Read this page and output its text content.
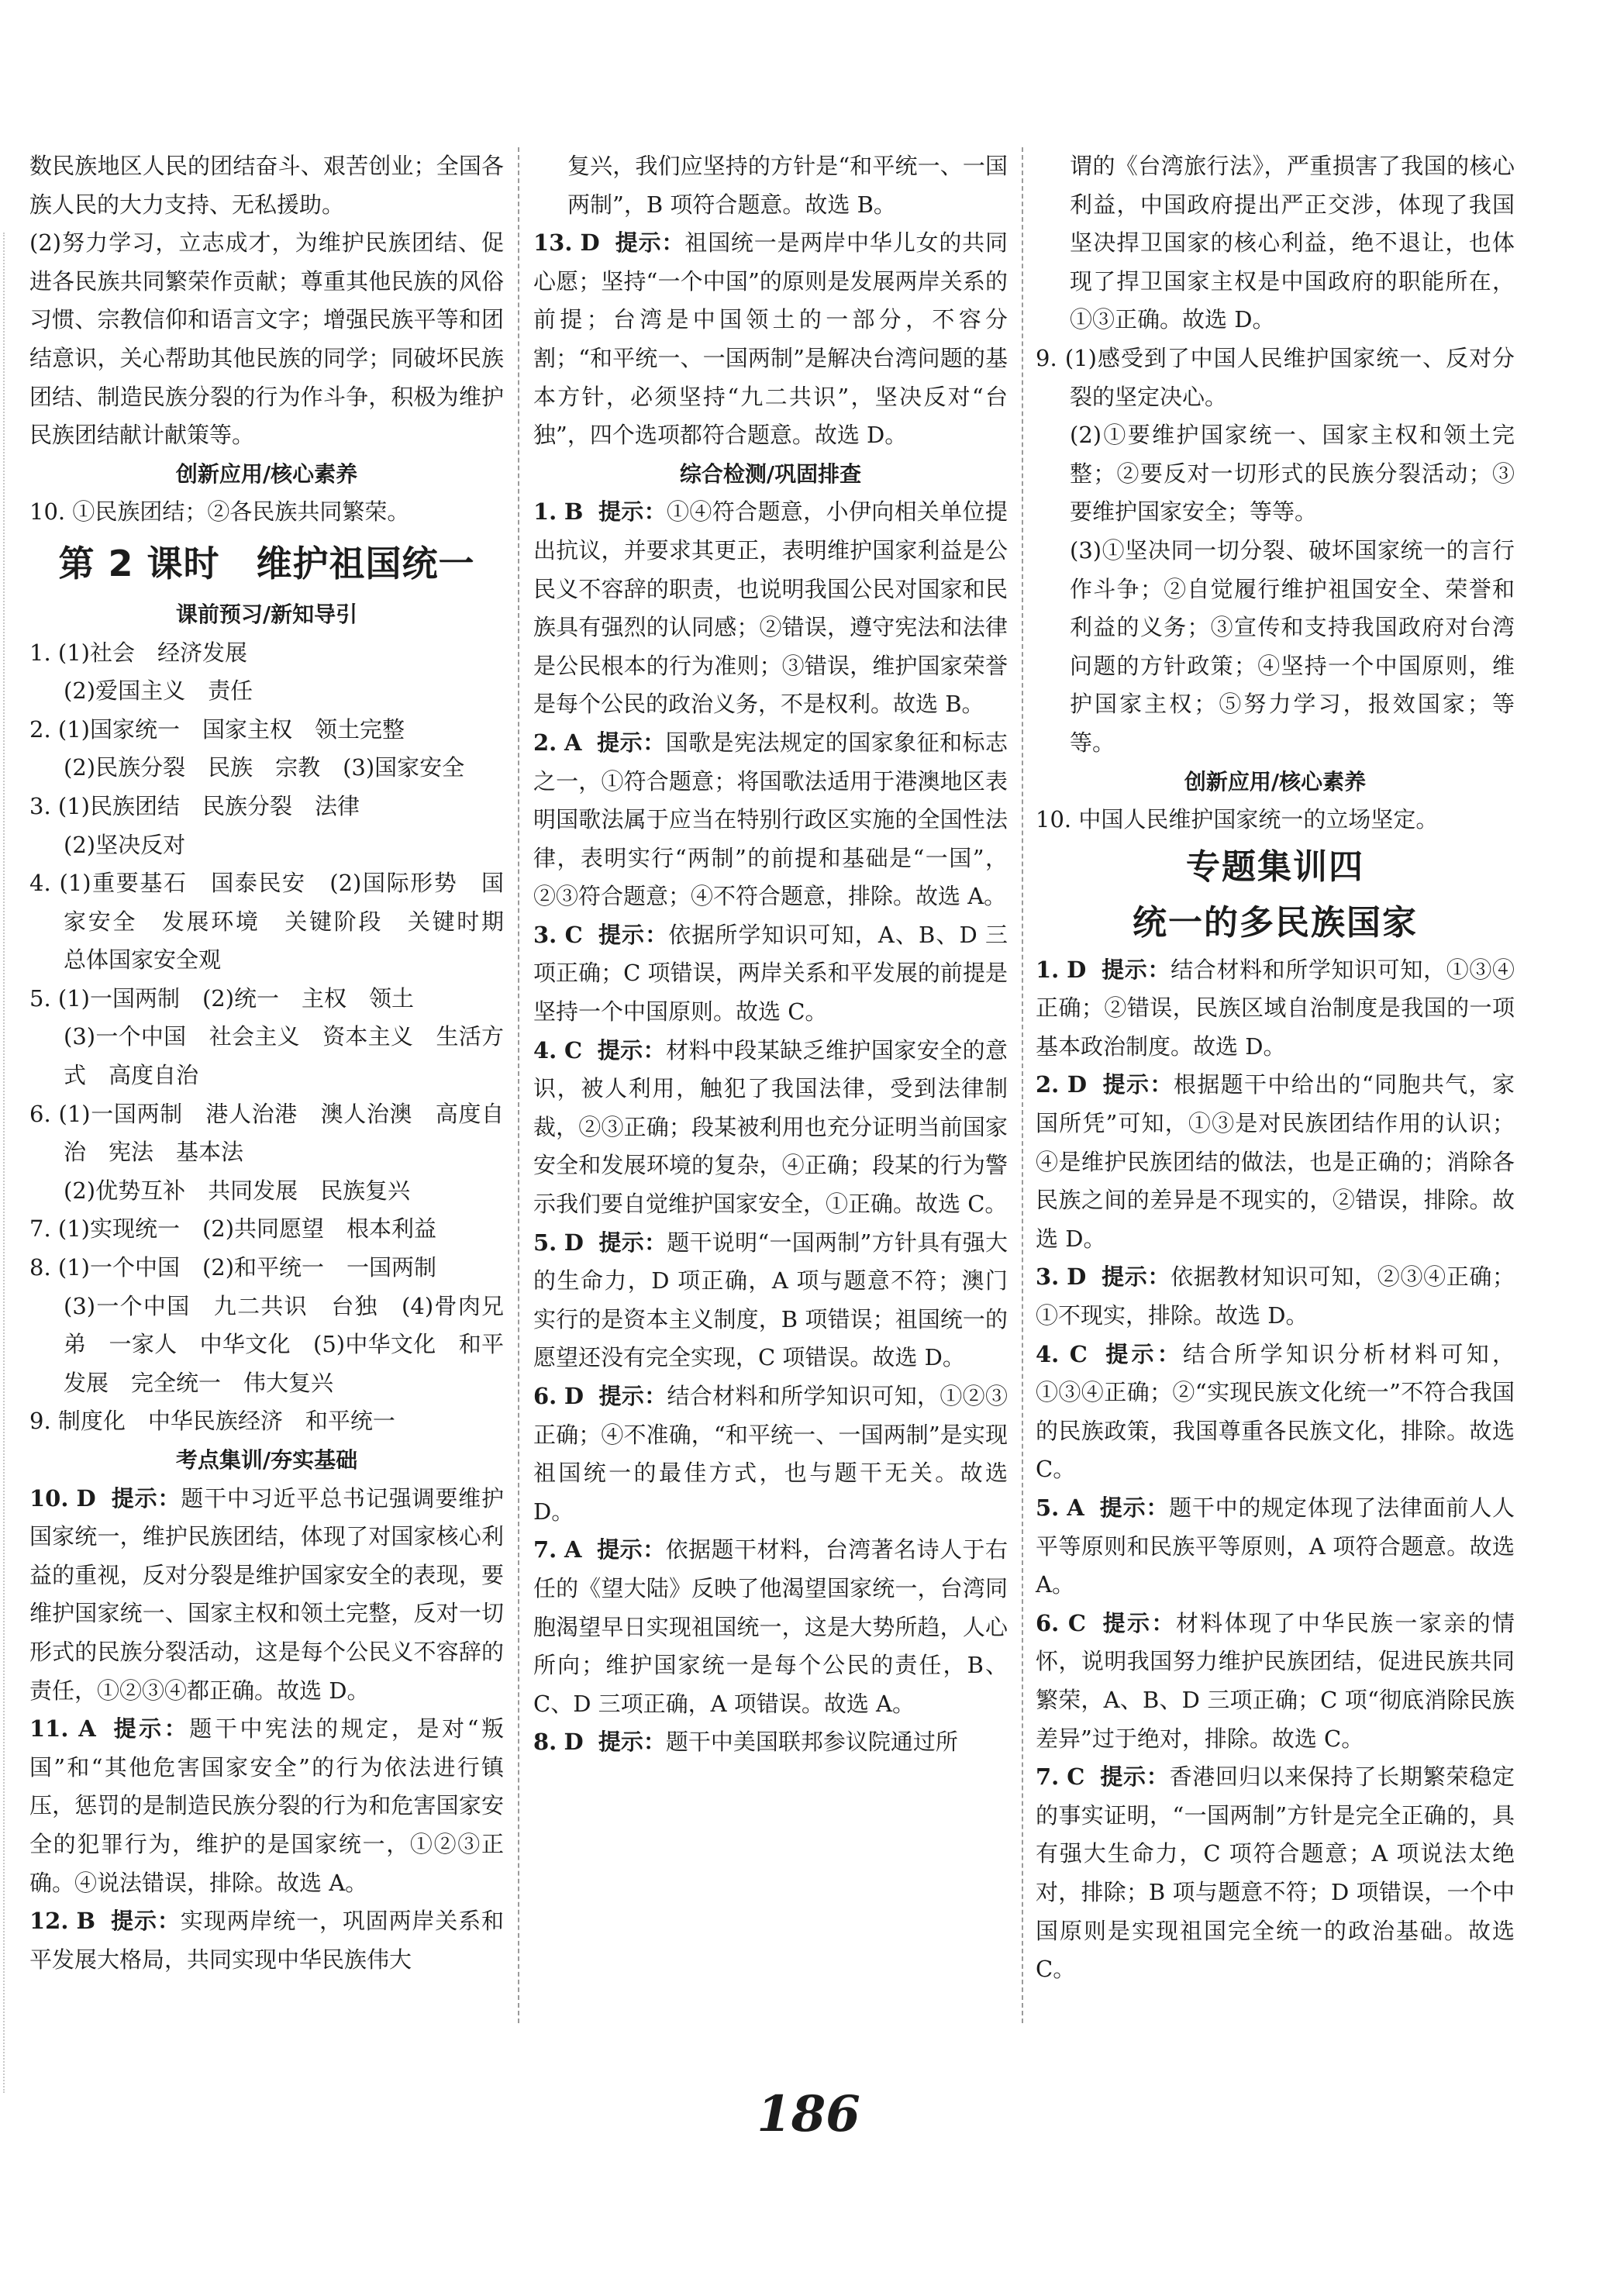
数民族地区人民的团结奋斗、艰苦创业；全国各族人民的大力支持、无私援助。

(2)努力学习，立志成才，为维护民族团结、促进各民族共同繁荣作贡献；尊重其他民族的风俗习惯、宗教信仰和语言文字；增强民族平等和团结意识，关心帮助其他民族的同学；同破坏民族团结、制造民族分裂的行为作斗争，积极为维护民族团结献计献策等。

创新应用/核心素养

10. ①民族团结；②各民族共同繁荣。

第 2 课时　维护祖国统一

课前预习/新知导引

1. (1)社会　经济发展

(2)爱国主义　责任

2. (1)国家统一　国家主权　领土完整

(2)民族分裂　民族　宗教　(3)国家安全

3. (1)民族团结　民族分裂　法律

(2)坚决反对

4. (1)重要基石　国泰民安　(2)国际形势　国家安全　发展环境　关键阶段　关键时期　总体国家安全观

5. (1)一国两制　(2)统一　主权　领土

(3)一个中国　社会主义　资本主义　生活方式　高度自治

6. (1)一国两制　港人治港　澳人治澳　高度自治　宪法　基本法

(2)优势互补　共同发展　民族复兴

7. (1)实现统一　(2)共同愿望　根本利益

8. (1)一个中国　(2)和平统一　一国两制

(3)一个中国　九二共识　台独　(4)骨肉兄弟　一家人　中华文化　(5)中华文化　和平发展　完全统一　伟大复兴

9. 制度化　中华民族经济　和平统一

考点集训/夯实基础

10. D 提示：题干中习近平总书记强调要维护国家统一，维护民族团结，体现了对国家核心利益的重视，反对分裂是维护国家安全的表现，要维护国家统一、国家主权和领土完整，反对一切形式的民族分裂活动，这是每个公民义不容辞的责任，①②③④都正确。故选 D。

11. A 提示：题干中宪法的规定，是对“叛国”和“其他危害国家安全”的行为依法进行镇压，惩罚的是制造民族分裂的行为和危害国家安全的犯罪行为，维护的是国家统一，①②③正确。④说法错误，排除。故选 A。

12. B 提示：实现两岸统一，巩固两岸关系和平发展大格局，共同实现中华民族伟大

复兴，我们应坚持的方针是“和平统一、一国两制”，B 项符合题意。故选 B。

13. D 提示：祖国统一是两岸中华儿女的共同心愿；坚持“一个中国”的原则是发展两岸关系的前提；台湾是中国领土的一部分，不容分割；“和平统一、一国两制”是解决台湾问题的基本方针，必须坚持“九二共识”，坚决反对“台独”，四个选项都符合题意。故选 D。

综合检测/巩固排查

1. B 提示：①④符合题意，小伊向相关单位提出抗议，并要求其更正，表明维护国家利益是公民义不容辞的职责，也说明我国公民对国家和民族具有强烈的认同感；②错误，遵守宪法和法律是公民根本的行为准则；③错误，维护国家荣誉是每个公民的政治义务，不是权利。故选 B。

2. A 提示：国歌是宪法规定的国家象征和标志之一，①符合题意；将国歌法适用于港澳地区表明国歌法属于应当在特别行政区实施的全国性法律，表明实行“两制”的前提和基础是“一国”，②③符合题意；④不符合题意，排除。故选 A。

3. C 提示：依据所学知识可知，A、B、D 三项正确；C 项错误，两岸关系和平发展的前提是坚持一个中国原则。故选 C。

4. C 提示：材料中段某缺乏维护国家安全的意识，被人利用，触犯了我国法律，受到法律制裁，②③正确；段某被利用也充分证明当前国家安全和发展环境的复杂，④正确；段某的行为警示我们要自觉维护国家安全，①正确。故选 C。

5. D 提示：题干说明“一国两制”方针具有强大的生命力，D 项正确，A 项与题意不符；澳门实行的是资本主义制度，B 项错误；祖国统一的愿望还没有完全实现，C 项错误。故选 D。

6. D 提示：结合材料和所学知识可知，①②③正确；④不准确，“和平统一、一国两制”是实现祖国统一的最佳方式，也与题干无关。故选 D。

7. A 提示：依据题干材料，台湾著名诗人于右任的《望大陆》反映了他渴望国家统一，台湾同胞渴望早日实现祖国统一，这是大势所趋，人心所向；维护国家统一是每个公民的责任，B、C、D 三项正确，A 项错误。故选 A。

8. D 提示：题干中美国联邦参议院通过所

谓的《台湾旅行法》，严重损害了我国的核心利益，中国政府提出严正交涉，体现了我国坚决捍卫国家的核心利益，绝不退让，也体现了捍卫国家主权是中国政府的职能所在，①③正确。故选 D。

9. (1)感受到了中国人民维护国家统一、反对分裂的坚定决心。

(2)①要维护国家统一、国家主权和领土完整；②要反对一切形式的民族分裂活动；③要维护国家安全；等等。

(3)①坚决同一切分裂、破坏国家统一的言行作斗争；②自觉履行维护祖国安全、荣誉和利益的义务；③宣传和支持我国政府对台湾问题的方针政策；④坚持一个中国原则，维护国家主权；⑤努力学习，报效国家；等等。

创新应用/核心素养

10. 中国人民维护国家统一的立场坚定。

专题集训四

统一的多民族国家

1. D 提示：结合材料和所学知识可知，①③④正确；②错误，民族区域自治制度是我国的一项基本政治制度。故选 D。

2. D 提示：根据题干中给出的“同胞共气，家国所凭”可知，①③是对民族团结作用的认识；④是维护民族团结的做法，也是正确的；消除各民族之间的差异是不现实的，②错误，排除。故选 D。

3. D 提示：依据教材知识可知，②③④正确；①不现实，排除。故选 D。

4. C 提示：结合所学知识分析材料可知，①③④正确；②“实现民族文化统一”不符合我国的民族政策，我国尊重各民族文化，排除。故选 C。

5. A 提示：题干中的规定体现了法律面前人人平等原则和民族平等原则，A 项符合题意。故选 A。

6. C 提示：材料体现了中华民族一家亲的情怀，说明我国努力维护民族团结，促进民族共同繁荣，A、B、D 三项正确；C 项“彻底消除民族差异”过于绝对，排除。故选 C。

7. C 提示：香港回归以来保持了长期繁荣稳定的事实证明，“一国两制”方针是完全正确的，具有强大生命力，C 项符合题意；A 项说法太绝对，排除；B 项与题意不符；D 项错误，一个中国原则是实现祖国完全统一的政治基础。故选 C。

186
